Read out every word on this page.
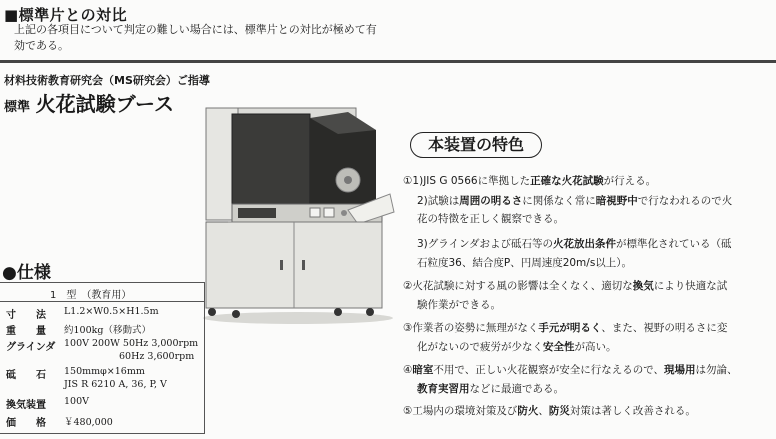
■標準片との対比
上記の各項目について判定の難しい場合には、標準片との対比が極めて有効である。
材料技術教育研究会（MS研究会）ご指導
標準 火花試験ブース
本装置の特色
①1)JIS G 0566に準拠した正確な火花試験が行える。
2)試験は周囲の明るさに関係なく常に暗視野中で行なわれるので火
花の特徴を正しく観察できる。
3)グラインダおよび砥石等の火花放出条件が標準化されている（砥
石粒度36、結合度P、円周速度20m/s以上）。
②火花試験に対する風の影響は全くなく、適切な換気により快適な試
験作業ができる。
③作業者の姿勢に無理がなく手元が明るく、また、視野の明るさに変
化がないので疲労が少なく安全性が高い。
④暗室不用で、正しい火花観察が安全に行なえるので、現場用は勿論、
教育実習用などに最適である。
⑤工場内の環境対策及び防火、防災対策は著しく改善される。
●仕様
1　型　（教育用）
寸　　法 L1.2×W0.5×H1.5m
重　　量 約100kg（移動式）
グラインダ 100V 200W 50Hz 3,000rpm
60Hz 3,600rpm
砥　　石 150mmφ×16mm
JIS R 6210 A, 36, P, V
換気装置 100V
価　　格 ￥480,000
